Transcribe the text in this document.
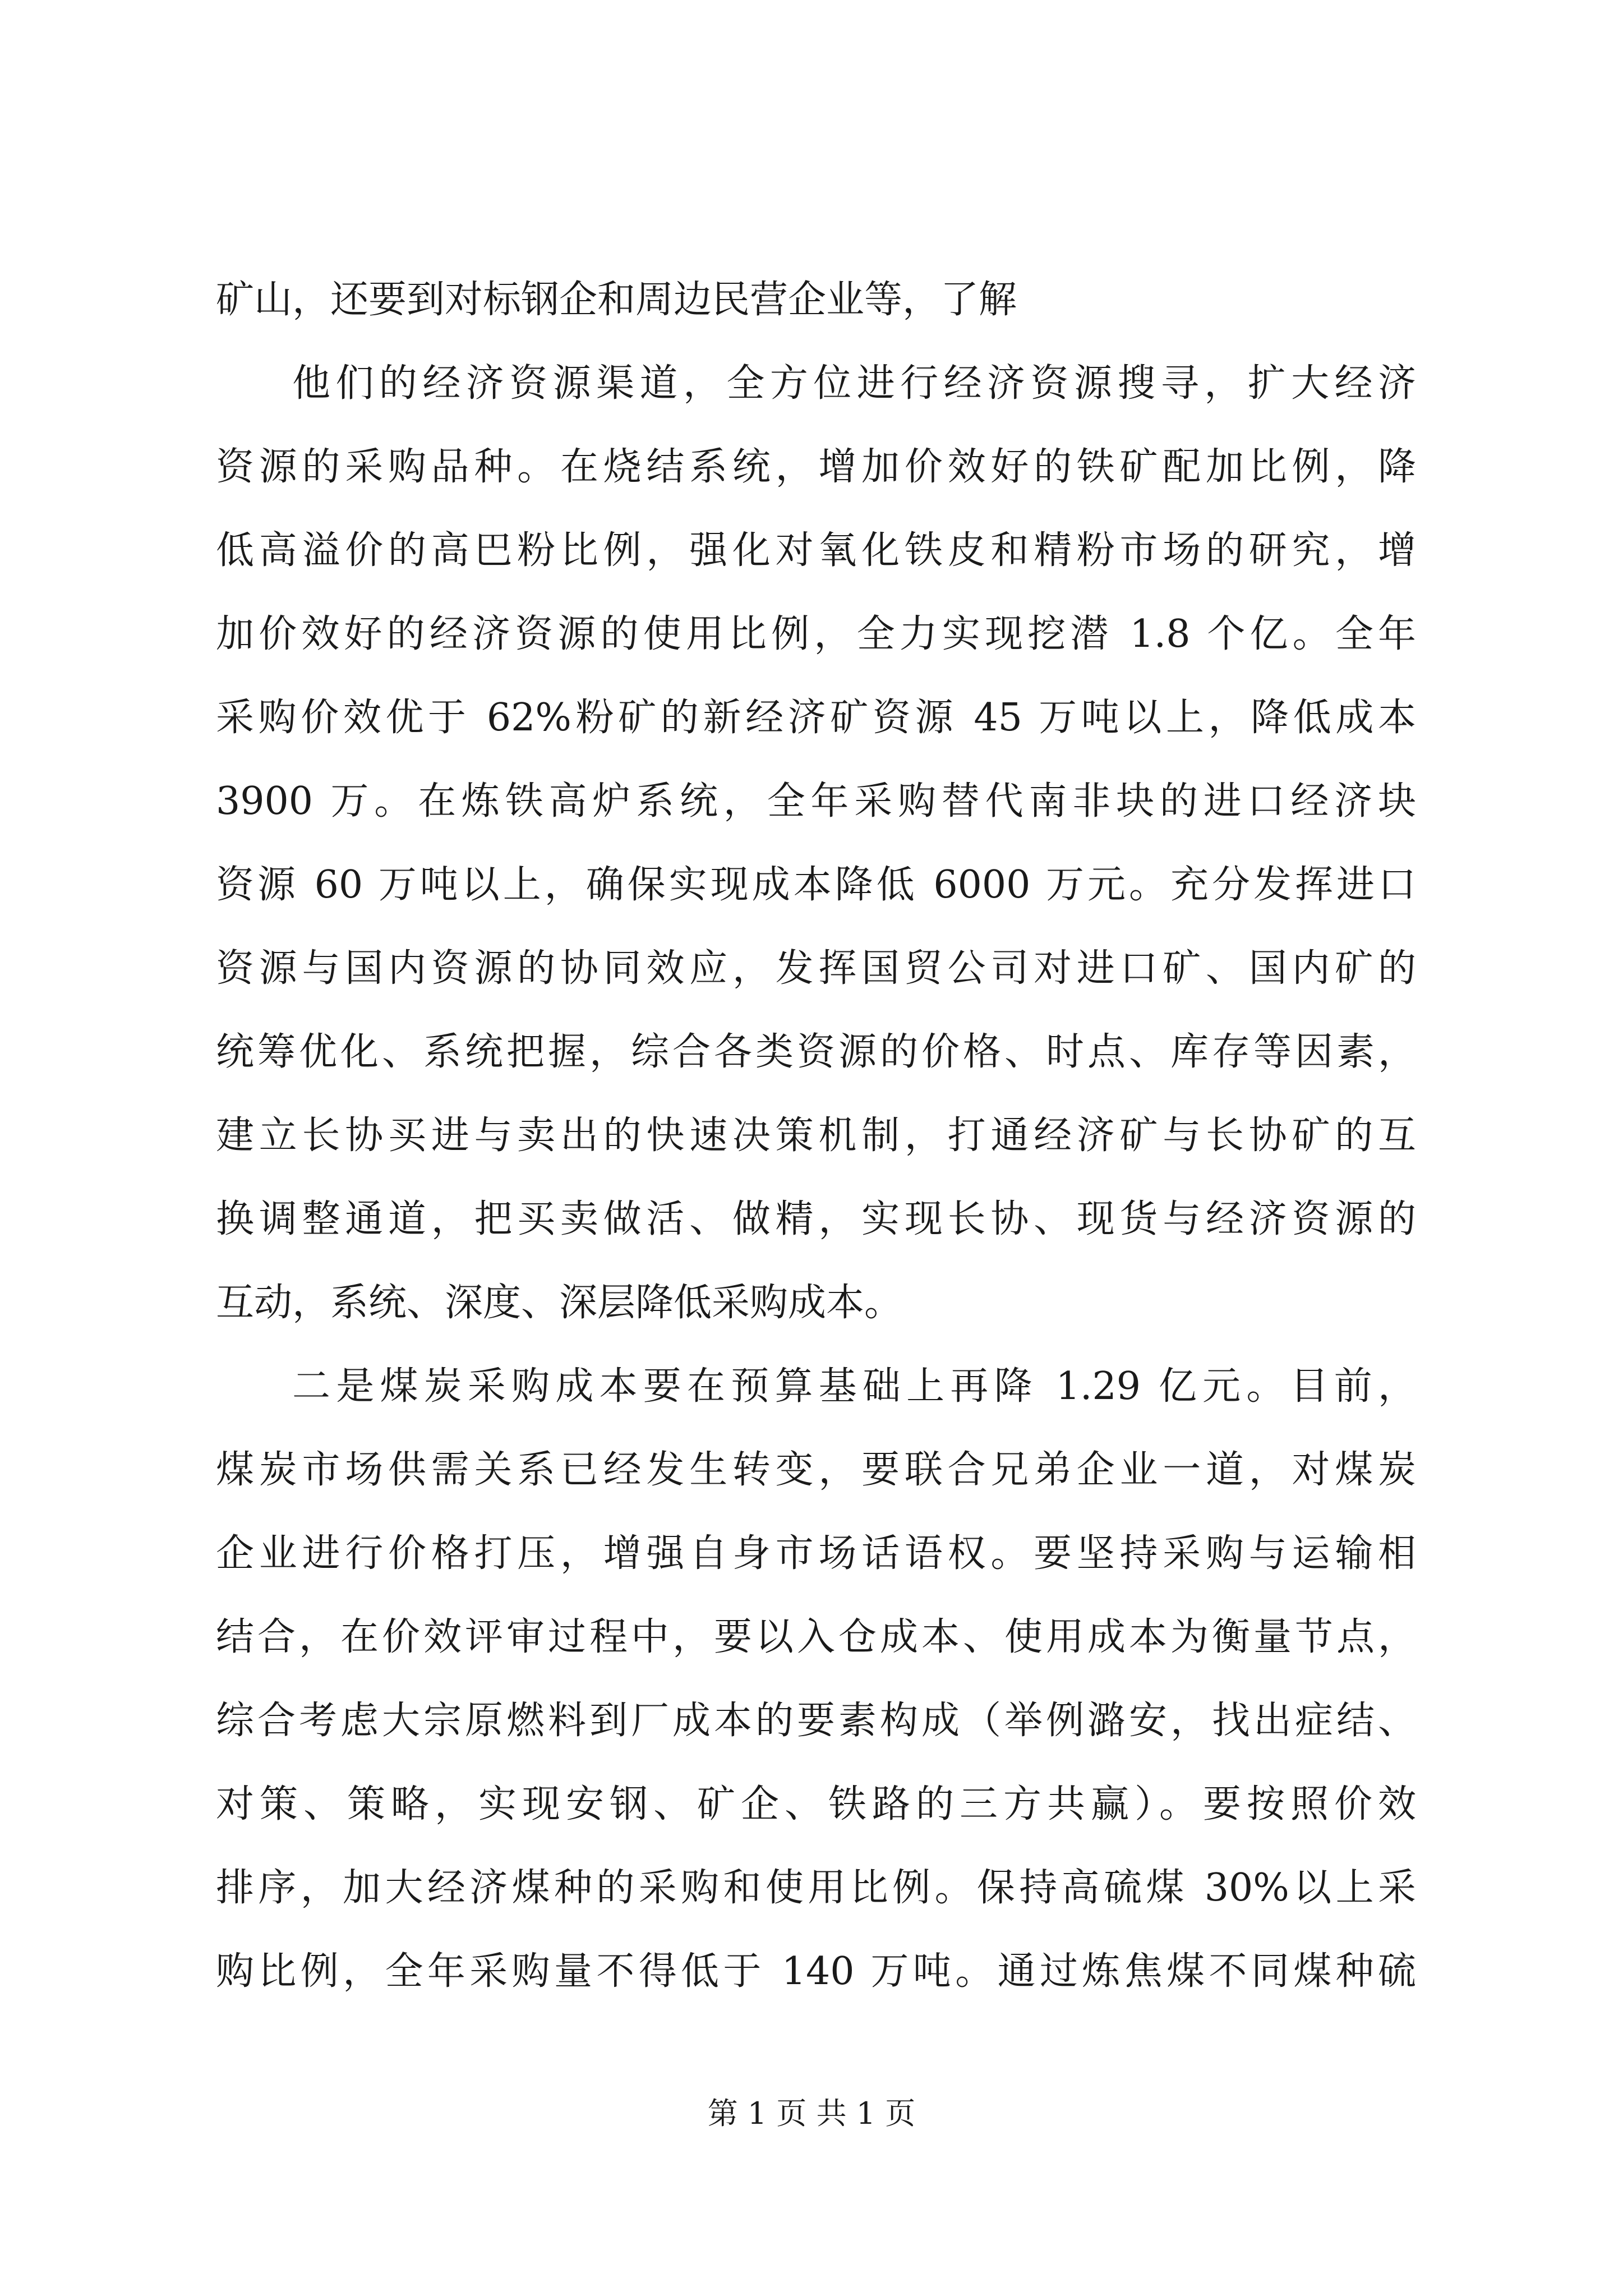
矿山，还要到对标钢企和周边民营企业等，了解
他们的经济资源渠道，全方位进行经济资源搜寻，扩大经济
资源的采购品种。在烧结系统，增加价效好的铁矿配加比例，降
低高溢价的高巴粉比例，强化对氧化铁皮和精粉市场的研究，增
加价效好的经济资源的使用比例，全力实现挖潜 1.8 个亿。全年
采购价效优于 62%粉矿的新经济矿资源 45 万吨以上，降低成本
3900 万。在炼铁高炉系统，全年采购替代南非块的进口经济块
资源 60 万吨以上，确保实现成本降低 6000 万元。充分发挥进口
资源与国内资源的协同效应，发挥国贸公司对进口矿、国内矿的
统筹优化、系统把握，综合各类资源的价格、时点、库存等因素，
建立长协买进与卖出的快速决策机制，打通经济矿与长协矿的互
换调整通道，把买卖做活、做精，实现长协、现货与经济资源的
互动，系统、深度、深层降低采购成本。
二是煤炭采购成本要在预算基础上再降 1.29 亿元。目前，
煤炭市场供需关系已经发生转变，要联合兄弟企业一道，对煤炭
企业进行价格打压，增强自身市场话语权。要坚持采购与运输相
结合，在价效评审过程中，要以入仓成本、使用成本为衡量节点，
综合考虑大宗原燃料到厂成本的要素构成（举例潞安，找出症结、
对策、策略，实现安钢、矿企、铁路的三方共赢）。要按照价效
排序，加大经济煤种的采购和使用比例。保持高硫煤 30%以上采
购比例，全年采购量不得低于 140 万吨。通过炼焦煤不同煤种硫
第 1 页 共 1 页
